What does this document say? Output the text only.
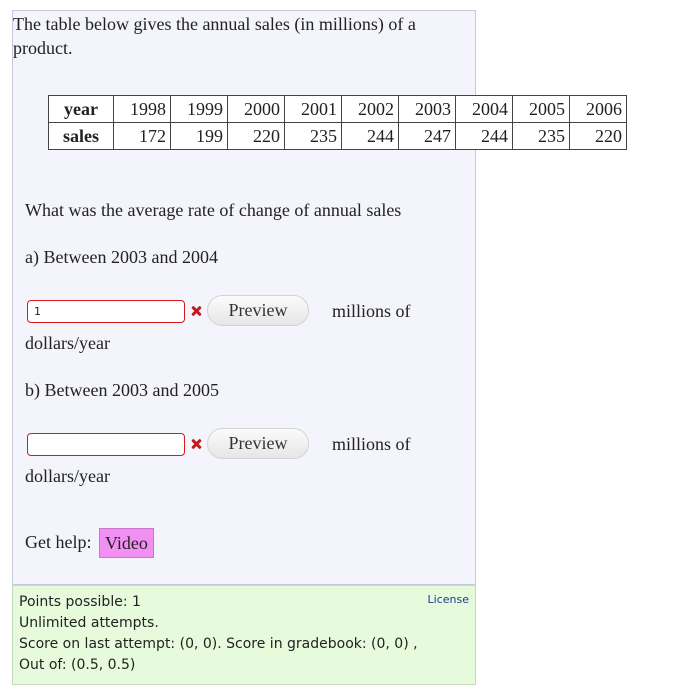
The table below gives the annual sales (in millions) of a product.
year	1998	1999	2000	2001	2002	2003	2004	2005	2006
sales	172	199	220	235	244	247	244	235	220
What was the average rate of change of annual sales
a) Between 2003 and 2004
1
Preview	millions of
dollars/year
b) Between 2003 and 2005
Preview	millions of
dollars/year
Get help: Video
Points possible: 1
Unlimited attempts.
Score on last attempt: (0, 0). Score in gradebook: (0, 0) ,
Out of: (0.5, 0.5)
License
